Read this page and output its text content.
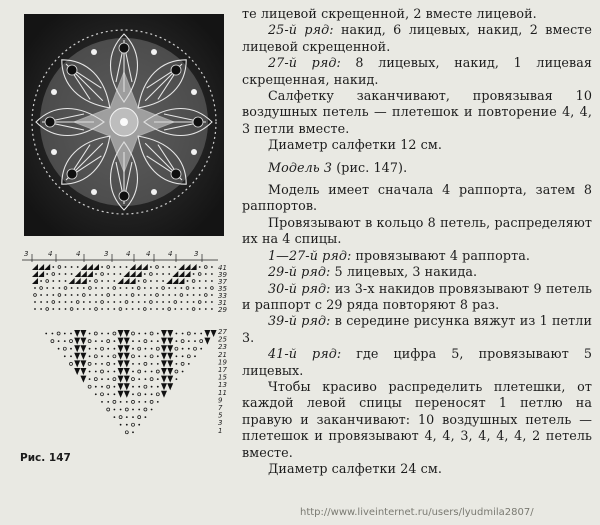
3	4	4	3	4 4	4	3
41
39
37
35
33
31
29
27
25
23
21
19
17
15
13
11
9
7
5
3
1
Рис. 147

те лицевой скрещенной, 2 вместе лицевой.

25-й ряд: накид, 6 лицевых, накид, 2 вместе лицевой скрещенной.

27-й ряд: 8 лицевых, накид, 1 лицевая скрещенная, накид.

Салфетку заканчивают, провязывая 10 воздушных петель — плетешок и повторение 4, 4, 3 петли вместе.

Диаметр салфетки 12 см.

Модель 3 (рис. 147).

Модель имеет сначала 4 раппорта, затем 8 раппортов.

Провязывают в кольцо 8 петель, распределяют их на 4 спицы.

1—27-й ряд: провязывают 4 раппорта.

29-й ряд: 5 лицевых, 3 накида.

30-й ряд: из 3-х накидов провязывают 9 петель и раппорт с 29 ряда повторяют 8 раз.

39-й ряд: в середине рисунка вяжут из 1 петли 3.

41-й ряд: где цифра 5, провязывают 5 лицевых.

Чтобы красиво распределить плетешки, от каждой левой спицы переносят 1 петлю на правую и заканчивают: 10 воздушных петель — плетешок и провязывают 4, 4, 3, 4, 4, 4, 2 петель вместе.

Диаметр салфетки 24 см.

http://www.liveinternet.ru/users/lyudmila2807/
